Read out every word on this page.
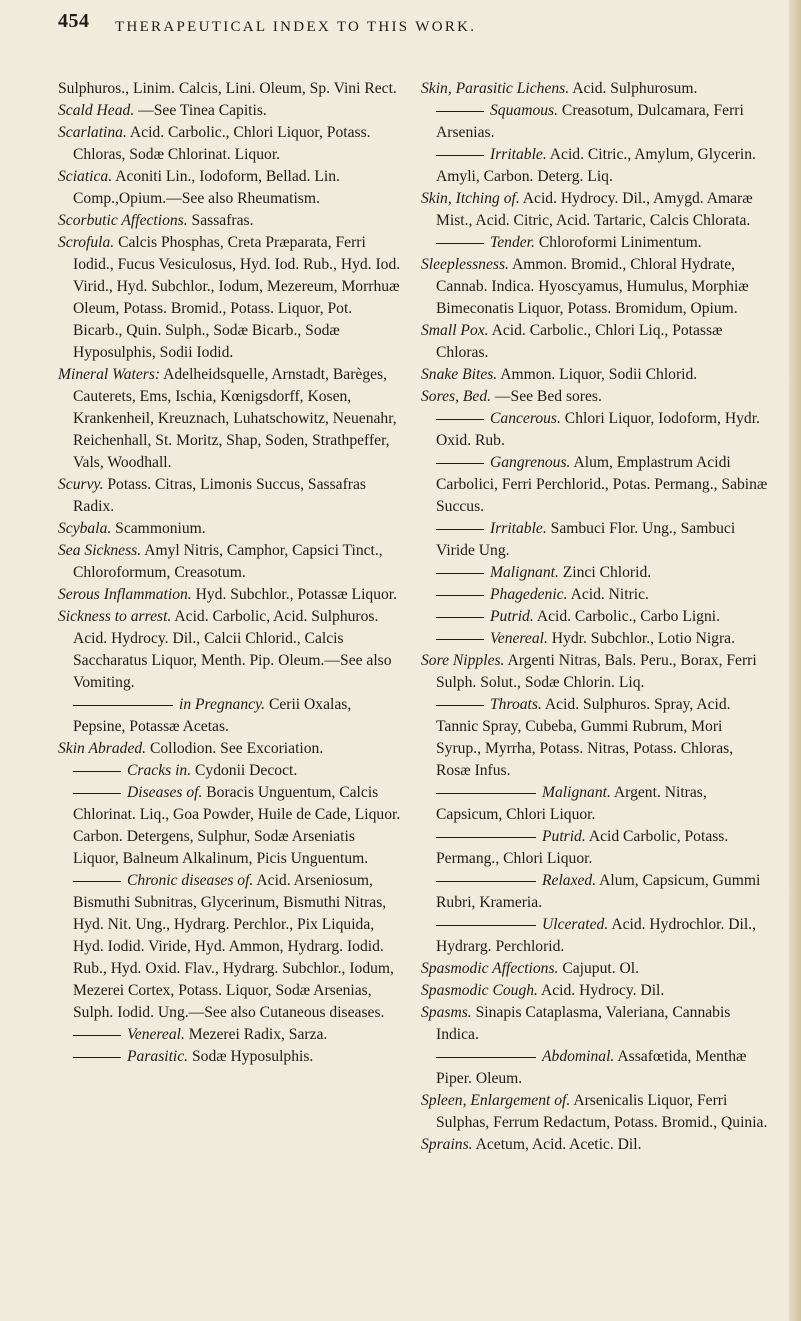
454 THERAPEUTICAL INDEX TO THIS WORK.

Sulphuros., Linim. Calcis, Lini. Oleum, Sp. Vini Rect.

Scald Head. —See Tinea Capitis.

Scarlatina. Acid. Carbolic., Chlori Liquor, Potass. Chloras, Sodæ Chlorinat. Liquor.

Sciatica. Aconiti Lin., Iodoform, Bellad. Lin. Comp.,Opium.—See also Rheumatism.

Scorbutic Affections. Sassafras.

Scrofula. Calcis Phosphas, Creta Præparata, Ferri Iodid., Fucus Vesiculosus, Hyd. Iod. Rub., Hyd. Iod. Virid., Hyd. Subchlor., Iodum, Mezereum, Morrhuæ Oleum, Potass. Bromid., Potass. Liquor, Pot. Bicarb., Quin. Sulph., Sodæ Bicarb., Sodæ Hyposulphis, Sodii Iodid.

Mineral Waters: Adelheidsquelle, Arnstadt, Barèges, Cauterets, Ems, Ischia, Kœnigsdorff, Kosen, Krankenheil, Kreuznach, Luhatschowitz, Neuenahr, Reichenhall, St. Moritz, Shap, Soden, Strathpeffer, Vals, Woodhall.

Scurvy. Potass. Citras, Limonis Succus, Sassafras Radix.

Scybala. Scammonium.

Sea Sickness. Amyl Nitris, Camphor, Capsici Tinct., Chloroformum, Creasotum.

Serous Inflammation. Hyd. Subchlor., Potassæ Liquor.

Sickness to arrest. Acid. Carbolic, Acid. Sulphuros. Acid. Hydrocy. Dil., Calcii Chlorid., Calcis Saccharatus Liquor, Menth. Pip. Oleum.—See also Vomiting.

in Pregnancy. Cerii Oxalas, Pepsine, Potassæ Acetas.

Skin Abraded. Collodion. See Excoriation.

Cracks in. Cydonii Decoct.

Diseases of. Boracis Unguentum, Calcis Chlorinat. Liq., Goa Powder, Huile de Cade, Liquor. Carbon. Detergens, Sulphur, Sodæ Arseniatis Liquor, Balneum Alkalinum, Picis Unguentum.

Chronic diseases of. Acid. Arseniosum, Bismuthi Subnitras, Glycerinum, Bismuthi Nitras, Hyd. Nit. Ung., Hydrarg. Perchlor., Pix Liquida, Hyd. Iodid. Viride, Hyd. Ammon, Hydrarg. Iodid. Rub., Hyd. Oxid. Flav., Hydrarg. Subchlor., Iodum, Mezerei Cortex, Potass. Liquor, Sodæ Arsenias, Sulph. Iodid. Ung.—See also Cutaneous diseases.

Venereal. Mezerei Radix, Sarza.

Parasitic. Sodæ Hyposulphis.

Skin, Parasitic Lichens. Acid. Sulphurosum.

Squamous. Creasotum, Dulcamara, Ferri Arsenias.

Irritable. Acid. Citric., Amylum, Glycerin. Amyli, Carbon. Deterg. Liq.

Skin, Itching of. Acid. Hydrocy. Dil., Amygd. Amaræ Mist., Acid. Citric, Acid. Tartaric, Calcis Chlorata.

Tender. Chloroformi Linimentum.

Sleeplessness. Ammon. Bromid., Chloral Hydrate, Cannab. Indica. Hyoscyamus, Humulus, Morphiæ Bimeconatis Liquor, Potass. Bromidum, Opium.

Small Pox. Acid. Carbolic., Chlori Liq., Potassæ Chloras.

Snake Bites. Ammon. Liquor, Sodii Chlorid.

Sores, Bed. —See Bed sores.

Cancerous. Chlori Liquor, Iodoform, Hydr. Oxid. Rub.

Gangrenous. Alum, Emplastrum Acidi Carbolici, Ferri Perchlorid., Potas. Permang., Sabinæ Succus.

Irritable. Sambuci Flor. Ung., Sambuci Viride Ung.

Malignant. Zinci Chlorid.

Phagedenic. Acid. Nitric.

Putrid. Acid. Carbolic., Carbo Ligni.

Venereal. Hydr. Subchlor., Lotio Nigra.

Sore Nipples. Argenti Nitras, Bals. Peru., Borax, Ferri Sulph. Solut., Sodæ Chlorin. Liq.

Throats. Acid. Sulphuros. Spray, Acid. Tannic Spray, Cubeba, Gummi Rubrum, Mori Syrup., Myrrha, Potass. Nitras, Potass. Chloras, Rosæ Infus.

Malignant. Argent. Nitras, Capsicum, Chlori Liquor.

Putrid. Acid Carbolic, Potass. Permang., Chlori Liquor.

Relaxed. Alum, Capsicum, Gummi Rubri, Krameria.

Ulcerated. Acid. Hydrochlor. Dil., Hydrarg. Perchlorid.

Spasmodic Affections. Cajuput. Ol.

Spasmodic Cough. Acid. Hydrocy. Dil.

Spasms. Sinapis Cataplasma, Valeriana, Cannabis Indica.

Abdominal. Assafœtida, Menthæ Piper. Oleum.

Spleen, Enlargement of. Arsenicalis Liquor, Ferri Sulphas, Ferrum Redactum, Potass. Bromid., Quinia.

Sprains. Acetum, Acid. Acetic. Dil.
